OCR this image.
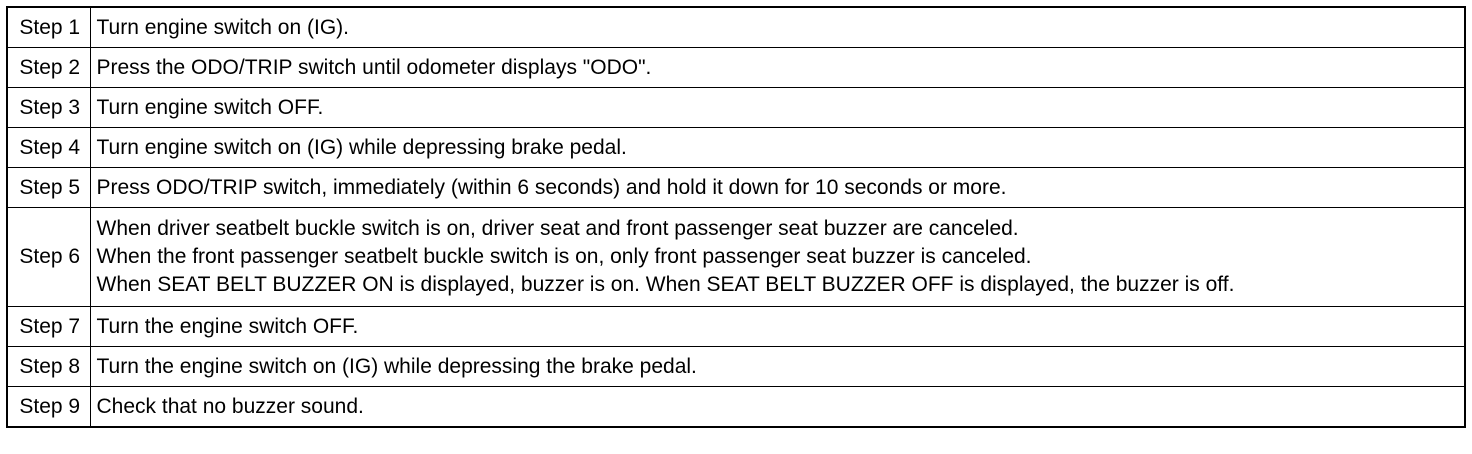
Step 1	Turn engine switch on (IG).

Step 2	Press the ODO/TRIP switch until odometer displays "ODO".

Step 3	Turn engine switch OFF.

Step 4	Turn engine switch on (IG) while depressing brake pedal.

Step 5	Press ODO/TRIP switch, immediately (within 6 seconds) and hold it down for 10 seconds or more.

Step 6	When driver seatbelt buckle switch is on, driver seat and front passenger seat buzzer are canceled.
When the front passenger seatbelt buckle switch is on, only front passenger seat buzzer is canceled.
When SEAT BELT BUZZER ON is displayed, buzzer is on. When SEAT BELT BUZZER OFF is displayed, the buzzer is off.

Step 7	Turn the engine switch OFF.

Step 8	Turn the engine switch on (IG) while depressing the brake pedal.

Step 9	Check that no buzzer sound.
